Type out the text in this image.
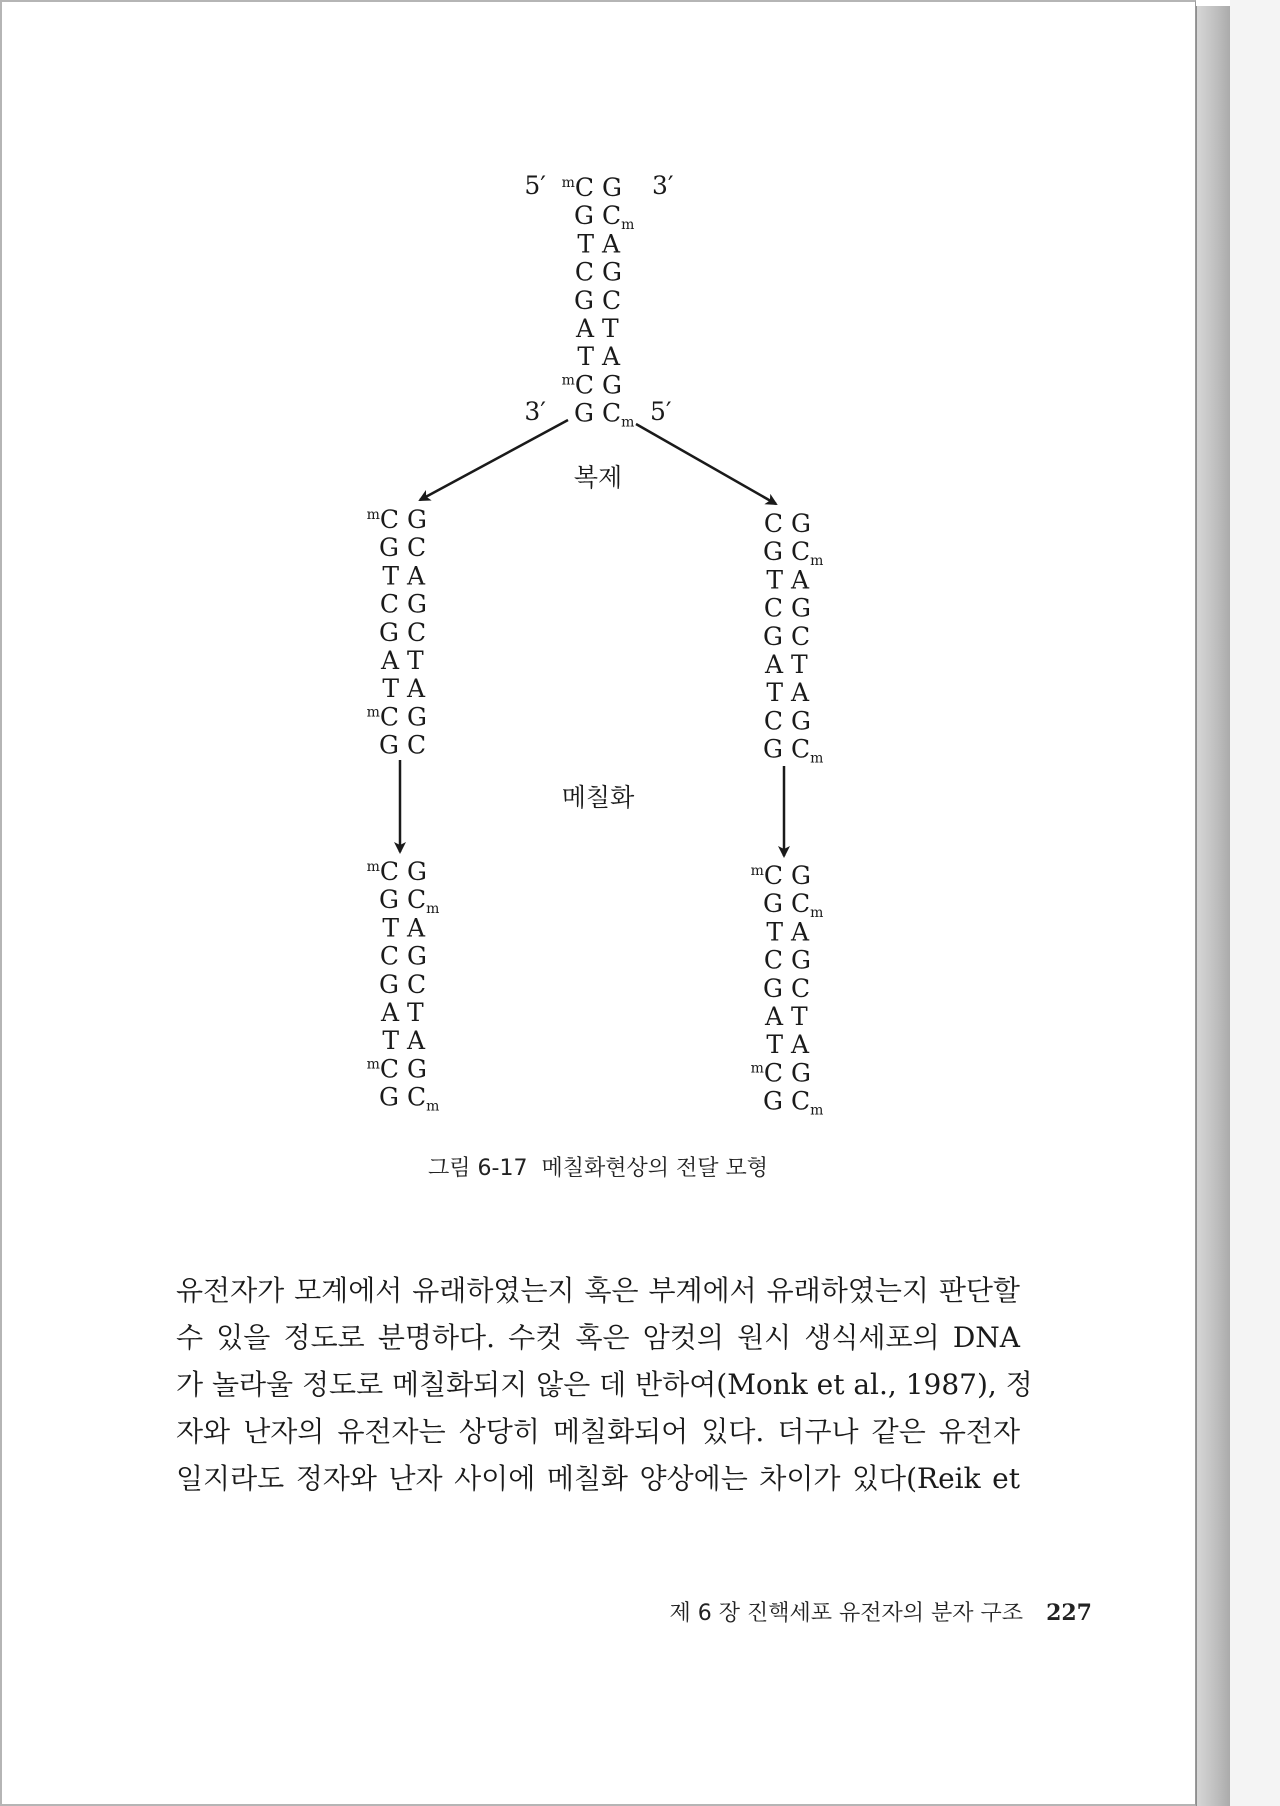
$^m$C G
G $C_m$
T A
C G
G C
A T
T A
$^m$C G
G $C_m$
5′	3′
3′	5′
$^m$C G
G C
T A
C G
G C
A T
T A
$^m$C G
G C
C G
G $C_m$
T A
C G
G C
A T
T A
C G
G $C_m$
$^m$C G
G $C_m$
T A
C G
G C
A T
T A
$^m$C G
G $C_m$
$^m$C G
G $C_m$
T A
C G
G C
A T
T A
$^m$C G
G $C_m$
복제
메칠화
그림 6-17 메칠화현상의 전달 모형
유전자가 모계에서 유래하였는지 혹은 부계에서 유래하였는지 판단할
수 있을 정도로 분명하다. 수컷 혹은 암컷의 원시 생식세포의 DNA
가 놀라울 정도로 메칠화되지 않은 데 반하여(Monk et al., 1987), 정
자와 난자의 유전자는 상당히 메칠화되어 있다. 더구나 같은 유전자
일지라도 정자와 난자 사이에 메칠화 양상에는 차이가 있다(Reik et
제 6 장 진핵세포 유전자의 분자 구조 227
